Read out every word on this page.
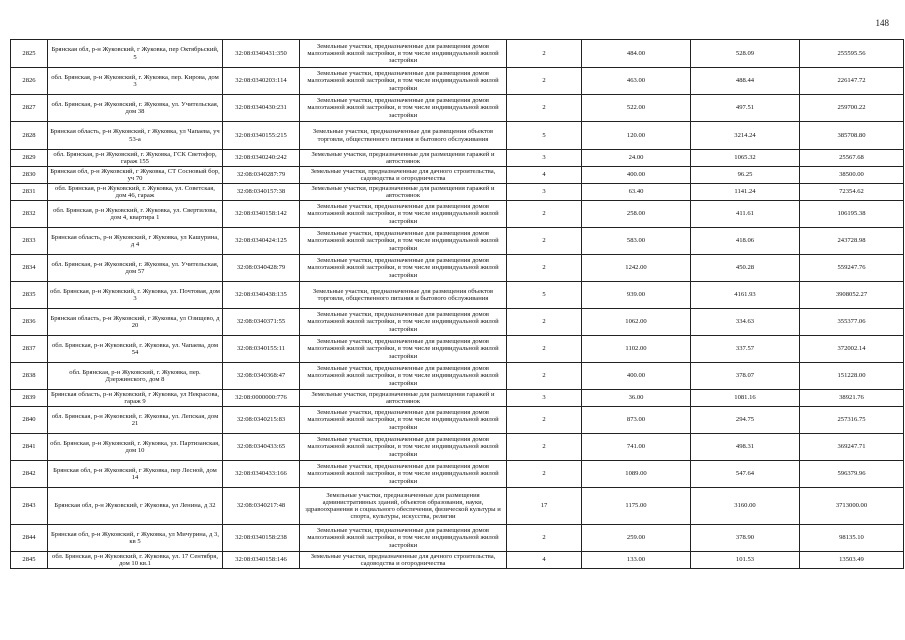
148
2825	Брянская обл, р-н Жуковский, г Жуковка, пер Октябрьский, 5	32:08:0340431:350	Земельные участки, предназначенные для размещения домов малоэтажной жилой застройки, в том числе индивидуальной жилой застройки	2	484.00	528.09	255595.56
2826	обл. Брянская, р-н Жуковский, г. Жуковка, пер. Кирова, дом 3	32:08:0340203:114	Земельные участки, предназначенные для размещения домов малоэтажной жилой застройки, в том числе индивидуальной жилой застройки	2	463.00	488.44	226147.72
2827	обл. Брянская, р-н Жуковский, г. Жуковка, ул. Учительская, дом 38	32:08:0340430:231	Земельные участки, предназначенные для размещения домов малоэтажной жилой застройки, в том числе индивидуальной жилой застройки	2	522.00	497.51	259700.22
2828	Брянская область, р-н Жуковский, г Жуковка, ул Чапаева, уч 53-а	32:08:0340155:215	Земельные участки, предназначенные для размещения объектов торговли, общественного питания и бытового обслуживания	5	120.00	3214.24	385708.80
2829	обл. Брянская, р-н Жуковский, г. Жуковка, ГСК Светофор, гараж 155	32:08:0340240:242	Земельные участки, предназначенные для размещения гаражей и автостоянок	3	24.00	1065.32	25567.68
2830	Брянская обл, р-н Жуковский, г Жуковка, СТ Сосновый бор, уч 70	32:08:0340287:79	Земельные участки, предназначенные для дачного строительства, садоводства и огородничества	4	400.00	96.25	38500.00
2831	обл. Брянская, р-н Жуковский, г. Жуковка, ул. Советская, дом 46, гараж	32:08:0340157:38	Земельные участки, предназначенные для размещения гаражей и автостоянок	3	63.40	1141.24	72354.62
2832	обл. Брянская, р-н Жуковский, г. Жуковка, ул. Свертилова, дом 4, квартира 1	32:08:0340158:142	Земельные участки, предназначенные для размещения домов малоэтажной жилой застройки, в том числе индивидуальной жилой застройки	2	258.00	411.61	106195.38
2833	Брянская область, р-н Жуковский, г Жуковка, ул Кашурина, д 4	32:08:0340424:125	Земельные участки, предназначенные для размещения домов малоэтажной жилой застройки, в том числе индивидуальной жилой застройки	2	583.00	418.06	243728.98
2834	обл. Брянская, р-н Жуковский, г. Жуковка, ул. Учительская, дом 57	32:08:0340428:79	Земельные участки, предназначенные для размещения домов малоэтажной жилой застройки, в том числе индивидуальной жилой застройки	2	1242.00	450.28	559247.76
2835	обл. Брянская, р-н Жуковский, г. Жуковка, ул. Почтовая, дом 3	32:08:0340438:135	Земельные участки, предназначенные для размещения объектов торговли, общественного питания и бытового обслуживания	5	939.00	4161.93	3908052.27
2836	Брянская область, р-н Жуковский, г Жуковка, ул Озищево, д 20	32:08:0340371:55	Земельные участки, предназначенные для размещения домов малоэтажной жилой застройки, в том числе индивидуальной жилой застройки	2	1062.00	334.63	355377.06
2837	обл. Брянская, р-н Жуковский, г. Жуковка, ул. Чапаева, дом 54	32:08:0340155:11	Земельные участки, предназначенные для размещения домов малоэтажной жилой застройки, в том числе индивидуальной жилой застройки	2	1102.00	337.57	372002.14
2838	обл. Брянская, р-н Жуковский, г. Жуковка, пер. Дзержинского, дом 8	32:08:0340368:47	Земельные участки, предназначенные для размещения домов малоэтажной жилой застройки, в том числе индивидуальной жилой застройки	2	400.00	378.07	151228.00
2839	Брянская область, р-н Жуковский, г Жуковка, ул Некрасова, гараж 9	32:08:0000000:776	Земельные участки, предназначенные для размещения гаражей и автостоянок	3	36.00	1081.16	38921.76
2840	обл. Брянская, р-н Жуковский, г. Жуковка, ул. Лепская, дом 21	32:08:0340215:83	Земельные участки, предназначенные для размещения домов малоэтажной жилой застройки, в том числе индивидуальной жилой застройки	2	873.00	294.75	257316.75
2841	обл. Брянская, р-н Жуковский, г. Жуковка, ул. Партизанская, дом 10	32:08:0340433:65	Земельные участки, предназначенные для размещения домов малоэтажной жилой застройки, в том числе индивидуальной жилой застройки	2	741.00	498.31	369247.71
2842	Брянская обл, р-н Жуковский, г Жуковка, пер Лесной, дом 14	32:08:0340433:166	Земельные участки, предназначенные для размещения домов малоэтажной жилой застройки, в том числе индивидуальной жилой застройки	2	1089.00	547.64	596379.96
2843	Брянская обл, р-н Жуковский, г Жуковка, ул Ленина, д 32	32:08:0340217:48	Земельные участки, предназначенные для размещения административных зданий, объектов образования, науки, здравоохранения и социального обеспечения, физической культуры и спорта, культуры, искусства, религии	17	1175.00	3160.00	3713000.00
2844	Брянская обл, р-н Жуковский, г Жуковка, ул Мичурина, д 3, кв 5	32:08:0340158:238	Земельные участки, предназначенные для размещения домов малоэтажной жилой застройки, в том числе индивидуальной жилой застройки	2	259.00	378.90	98135.10
2845	обл. Брянская, р-н Жуковский, г. Жуковка, ул. 17 Сентября, дом 10 кв.1	32:08:0340158:146	Земельные участки, предназначенные для дачного строительства, садоводства и огородничества	4	133.00	101.53	13503.49
